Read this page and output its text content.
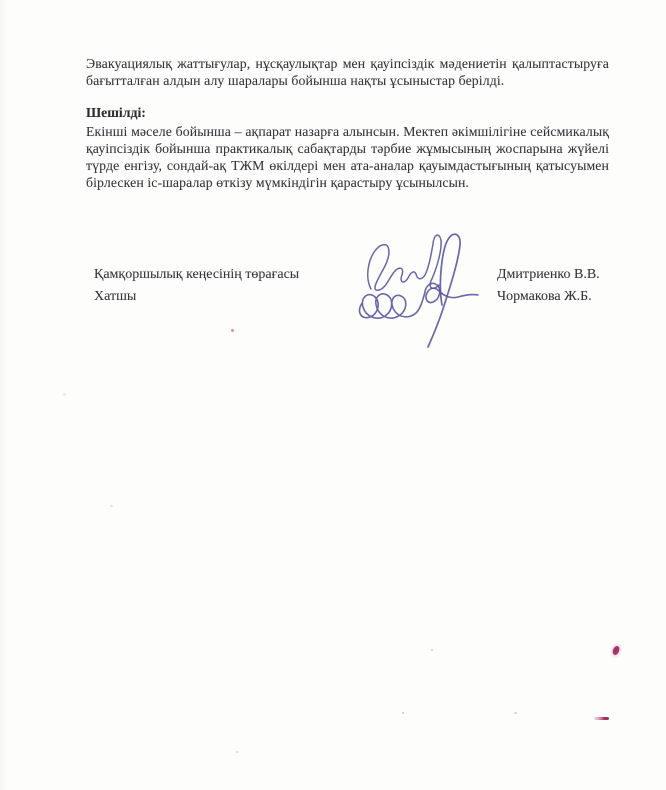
Эвакуациялық жаттығулар, нұсқаулықтар мен қауіпсіздік мәдениетін қалыптастыруға бағытталған алдын алу шаралары бойынша нақты ұсыныстар берілді.

Шешілді:

Екінші мәселе бойынша – ақпарат назарға алынсын. Мектеп әкімшілігіне сейсмикалық қауіпсіздік бойынша практикалық сабақтарды тәрбие жұмысының жоспарына жүйелі түрде енгізу, сондай-ақ ТЖМ өкілдері мен ата-аналар қауымдастығының қатысуымен бірлескен іс-шаралар өткізу мүмкіндігін қарастыру ұсынылсын.

Қамқоршылық кеңесінің төрағасы
Хатшы
Дмитриенко В.В.
Чормакова Ж.Б.
